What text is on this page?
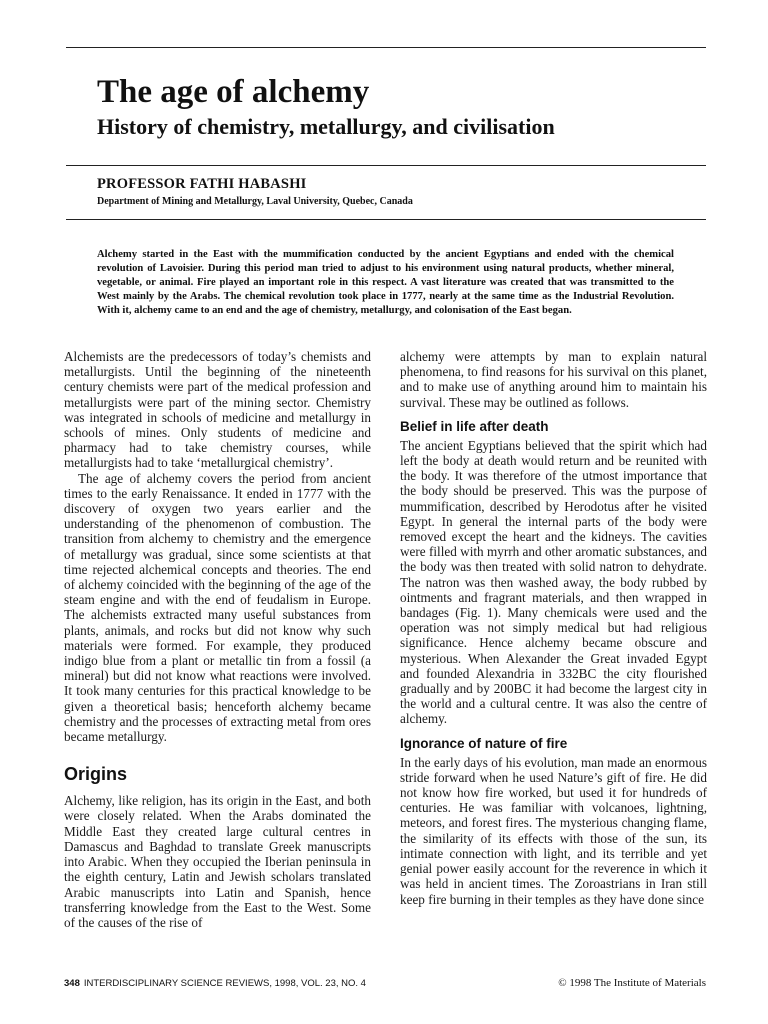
The age of alchemy
History of chemistry, metallurgy, and civilisation

PROFESSOR FATHI HABASHI

Department of Mining and Metallurgy, Laval University, Quebec, Canada

Alchemy started in the East with the mummification conducted by the ancient Egyptians and ended with the chemical revolution of Lavoisier. During this period man tried to adjust to his environment using natural products, whether mineral, vegetable, or animal. Fire played an important role in this respect. A vast literature was created that was transmitted to the West mainly by the Arabs. The chemical revolution took place in 1777, nearly at the same time as the Industrial Revolution. With it, alchemy came to an end and the age of chemistry, metallurgy, and colonisation of the East began.

Alchemists are the predecessors of today’s chemists and metallurgists. Until the beginning of the nineteenth century chemists were part of the medical profession and metallurgists were part of the mining sector. Chemistry was integrated in schools of medicine and metallurgy in schools of mines. Only students of medicine and pharmacy had to take chemistry courses, while metallurgists had to take ‘metallurgical chemistry’.

The age of alchemy covers the period from ancient times to the early Renaissance. It ended in 1777 with the discovery of oxygen two years earlier and the understanding of the phenomenon of combustion. The transition from alchemy to chemistry and the emergence of metallurgy was gradual, since some scientists at that time rejected alchemical concepts and theories. The end of alchemy coincided with the beginning of the age of the steam engine and with the end of feudalism in Europe. The alchemists extracted many useful substances from plants, animals, and rocks but did not know why such materials were formed. For example, they produced indigo blue from a plant or metallic tin from a fossil (a mineral) but did not know what reactions were involved. It took many centuries for this practical knowledge to be given a theoretical basis; henceforth alchemy became chemistry and the processes of extracting metal from ores became metallurgy.

Origins

Alchemy, like religion, has its origin in the East, and both were closely related. When the Arabs dominated the Middle East they created large cultural centres in Damascus and Baghdad to translate Greek manuscripts into Arabic. When they occupied the Iberian peninsula in the eighth century, Latin and Jewish scholars translated Arabic manuscripts into Latin and Spanish, hence transferring knowledge from the East to the West. Some of the causes of the rise of

alchemy were attempts by man to explain natural phenomena, to find reasons for his survival on this planet, and to make use of anything around him to maintain his survival. These may be outlined as follows.

Belief in life after death

The ancient Egyptians believed that the spirit which had left the body at death would return and be reunited with the body. It was therefore of the utmost importance that the body should be preserved. This was the purpose of mummification, described by Herodotus after he visited Egypt. In general the internal parts of the body were removed except the heart and the kidneys. The cavities were filled with myrrh and other aromatic substances, and the body was then treated with solid natron to dehydrate. The natron was then washed away, the body rubbed by ointments and fragrant materials, and then wrapped in bandages (Fig. 1). Many chemicals were used and the operation was not simply medical but had religious significance. Hence alchemy became obscure and mysterious. When Alexander the Great invaded Egypt and founded Alexandria in 332BC the city flourished gradually and by 200BC it had become the largest city in the world and a cultural centre. It was also the centre of alchemy.

Ignorance of nature of fire

In the early days of his evolution, man made an enormous stride forward when he used Nature’s gift of fire. He did not know how fire worked, but used it for hundreds of centuries. He was familiar with volcanoes, lightning, meteors, and forest fires. The mysterious changing flame, the similarity of its effects with those of the sun, its intimate connection with light, and its terrible and yet genial power easily account for the reverence in which it was held in ancient times. The Zoroastrians in Iran still keep fire burning in their temples as they have done since

348 INTERDISCIPLINARY SCIENCE REVIEWS, 1998, VOL. 23, NO. 4	© 1998 The Institute of Materials
